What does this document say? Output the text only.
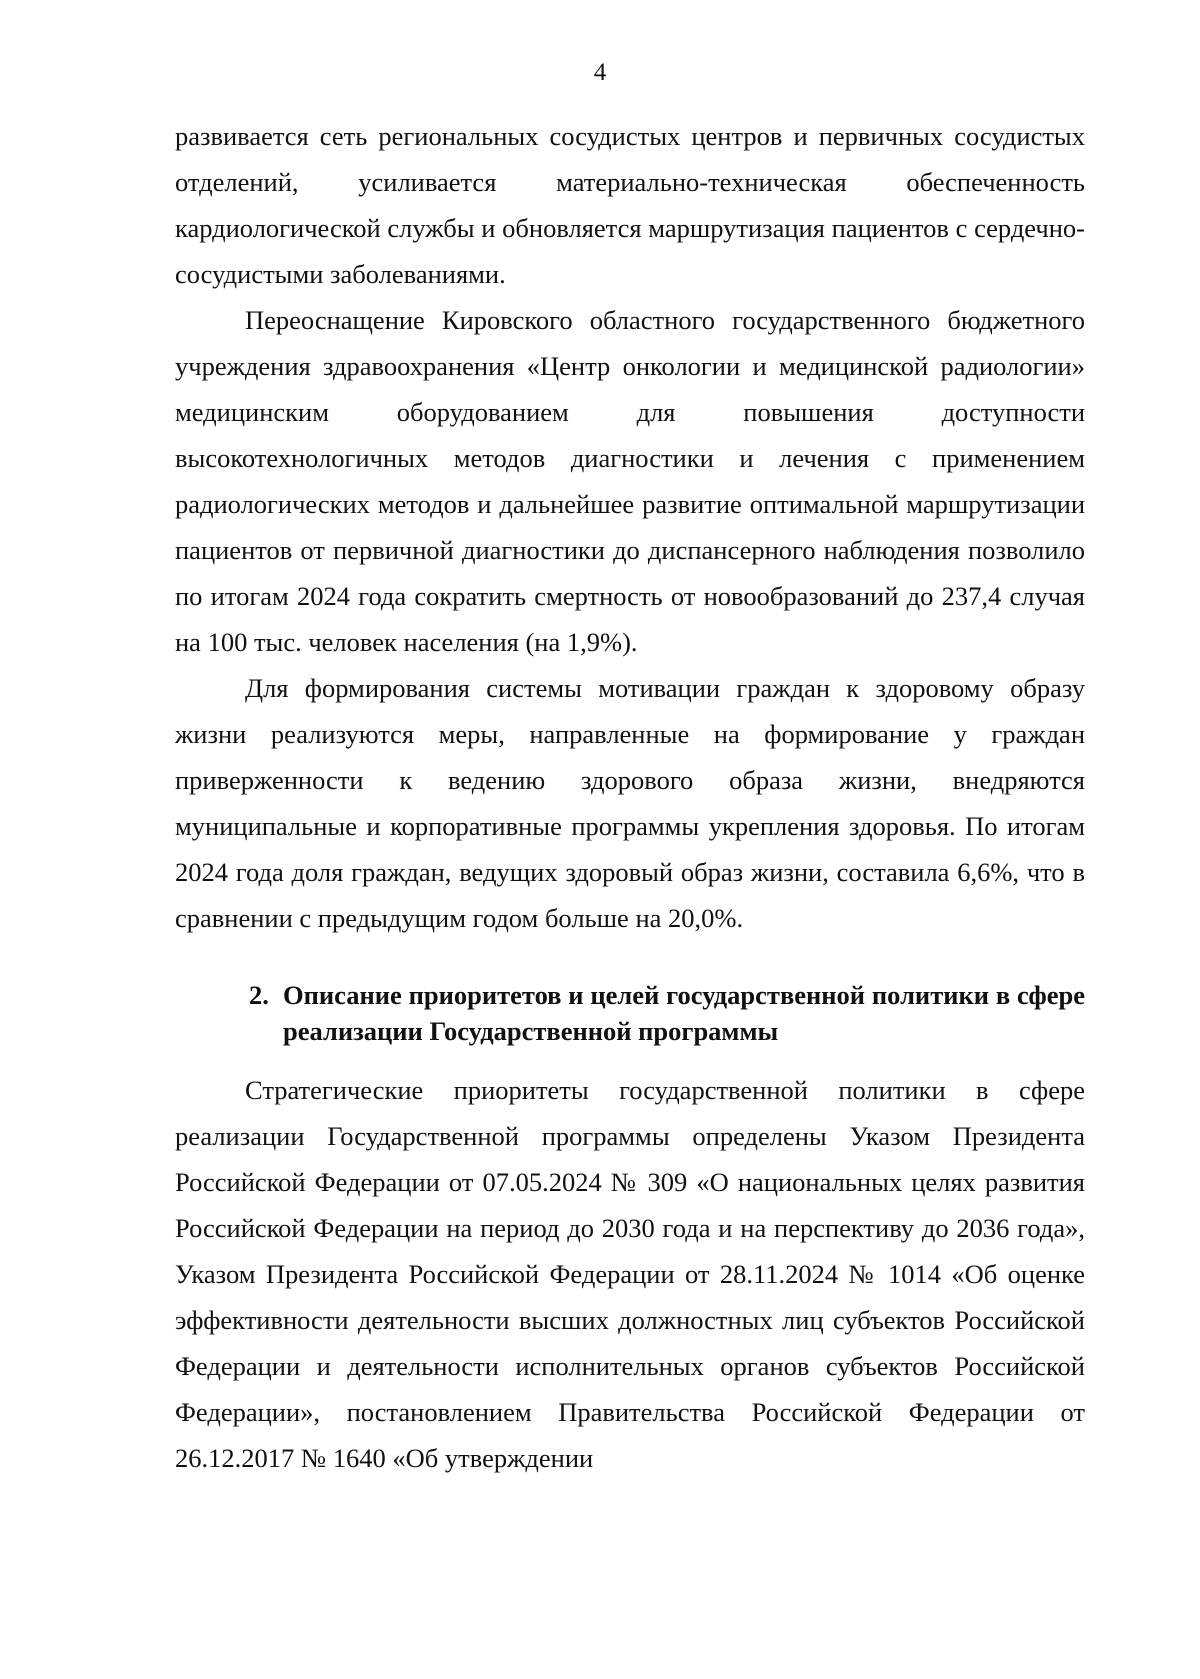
4

развивается сеть региональных сосудистых центров и первичных сосудистых отделений, усиливается материально-техническая обеспеченность кардиологической службы и обновляется маршрутизация пациентов с сердечно-сосудистыми заболеваниями.

Переоснащение Кировского областного государственного бюджетного учреждения здравоохранения «Центр онкологии и медицинской радиологии» медицинским оборудованием для повышения доступности высокотехнологичных методов диагностики и лечения с применением радиологических методов и дальнейшее развитие оптимальной маршрутизации пациентов от первичной диагностики до диспансерного наблюдения позволило по итогам 2024 года сократить смертность от новообразований до 237,4 случая на 100 тыс. человек населения (на 1,9%).

Для формирования системы мотивации граждан к здоровому образу жизни реализуются меры, направленные на формирование у граждан приверженности к ведению здорового образа жизни, внедряются муниципальные и корпоративные программы укрепления здоровья. По итогам 2024 года доля граждан, ведущих здоровый образ жизни, составила 6,6%, что в сравнении с предыдущим годом больше на 20,0%.

2. Описание приоритетов и целей государственной политики в сфере реализации Государственной программы

Стратегические приоритеты государственной политики в сфере реализации Государственной программы определены Указом Президента Российской Федерации от 07.05.2024 № 309 «О национальных целях развития Российской Федерации на период до 2030 года и на перспективу до 2036 года», Указом Президента Российской Федерации от 28.11.2024 № 1014 «Об оценке эффективности деятельности высших должностных лиц субъектов Российской Федерации и деятельности исполнительных органов субъектов Российской Федерации», постановлением Правительства Российской Федерации от 26.12.2017 № 1640 «Об утверждении
